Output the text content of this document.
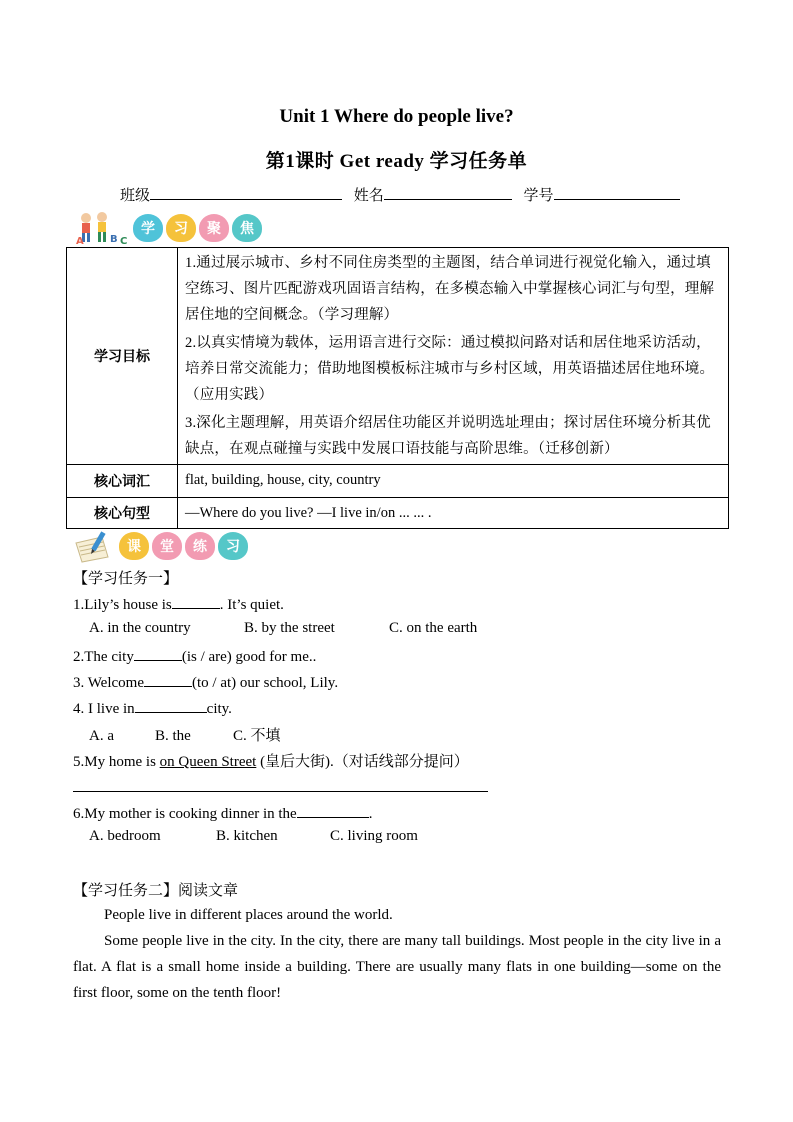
Unit 1 Where do people live?
第1课时 Get ready 学习任务单
班级	姓名	学号
A	B C
学	习	聚	焦
学习目标	1.通过展示城市、乡村不同住房类型的主题图，结合单词进行视觉化输入，通过填空练习、图片匹配游戏巩固语言结构，在多模态输入中掌握核心词汇与句型，理解居住地的空间概念。（学习理解）

2.以真实情境为载体，运用语言进行交际：通过模拟问路对话和居住地采访活动，培养日常交流能力；借助地图模板标注城市与乡村区域，用英语描述居住地环境。（应用实践）

3.深化主题理解，用英语介绍居住功能区并说明选址理由；探讨居住环境分析其优缺点，在观点碰撞与实践中发展口语技能与高阶思维。（迁移创新）

核心词汇	flat, building, house, city, country
核心句型	—Where do you live? —I live in/on ... ... .
课	堂	练	习
【学习任务一】
1.Lily’s house is	. It’s quiet.
A. in the country	B. by the street	C. on the earth
2.The city	(is / are) good for me..
3. Welcome	(to / at) our school, Lily.
4. I live in	city.
A. a	B. the	C. 不填
5.My home is on Queen Street (皇后大街).（对话线部分提问）
6.My mother is cooking dinner in the	.
A. bedroom	B. kitchen	C. living room
【学习任务二】阅读文章
People live in different places around the world.
Some people live in the city. In the city, there are many tall buildings. Most people in the city live in a flat. A flat is a small home inside a building. There are usually many flats in one building—some on the first floor, some on the tenth floor!
